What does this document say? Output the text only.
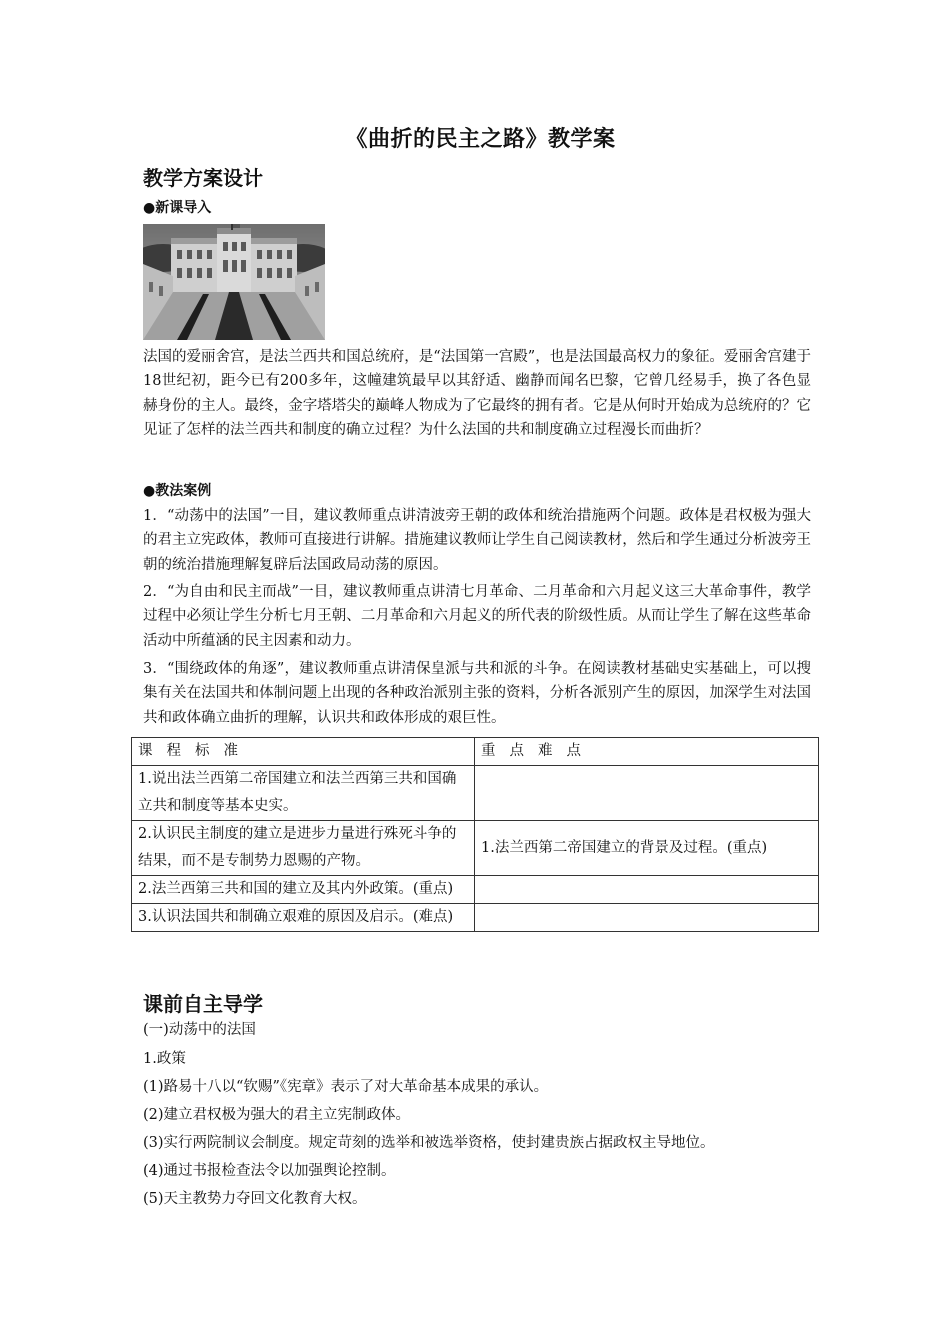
《曲折的民主之路》教学案
教学方案设计
●新课导入
法国的爱丽舍宫，是法兰西共和国总统府，是“法国第一宫殿”，也是法国最高权力的象征。爱丽舍宫建于18世纪初，距今已有200多年，这幢建筑最早以其舒适、幽静而闻名巴黎，它曾几经易手，换了各色显赫身份的主人。最终，金字塔塔尖的巅峰人物成为了它最终的拥有者。它是从何时开始成为总统府的？它见证了怎样的法兰西共和制度的确立过程？为什么法国的共和制度确立过程漫长而曲折？
●教法案例
1．“动荡中的法国”一目，建议教师重点讲清波旁王朝的政体和统治措施两个问题。政体是君权极为强大的君主立宪政体，教师可直接进行讲解。措施建议教师让学生自己阅读教材，然后和学生通过分析波旁王朝的统治措施理解复辟后法国政局动荡的原因。
2．“为自由和民主而战”一目，建议教师重点讲清七月革命、二月革命和六月起义这三大革命事件，教学过程中必须让学生分析七月王朝、二月革命和六月起义的所代表的阶级性质。从而让学生了解在这些革命活动中所蕴涵的民主因素和动力。
3．“围绕政体的角逐”，建议教师重点讲清保皇派与共和派的斗争。在阅读教材基础史实基础上，可以搜集有关在法国共和体制问题上出现的各种政治派别主张的资料，分析各派别产生的原因，加深学生对法国共和政体确立曲折的理解，认识共和政体形成的艰巨性。
课程标准	重点难点
1.说出法兰西第二帝国建立和法兰西第三共和国确立共和制度等基本史实。	
2.认识民主制度的建立是进步力量进行殊死斗争的结果，而不是专制势力恩赐的产物。	1.法兰西第二帝国建立的背景及过程。(重点)
2.法兰西第三共和国的建立及其内外政策。(重点)	
3.认识法国共和制确立艰难的原因及启示。(难点)	
课前自主导学
(一)动荡中的法国
1.政策
(1)路易十八以“钦赐”《宪章》表示了对大革命基本成果的承认。
(2)建立君权极为强大的君主立宪制政体。
(3)实行两院制议会制度。规定苛刻的选举和被选举资格，使封建贵族占据政权主导地位。
(4)通过书报检查法令以加强舆论控制。
(5)天主教势力夺回文化教育大权。
